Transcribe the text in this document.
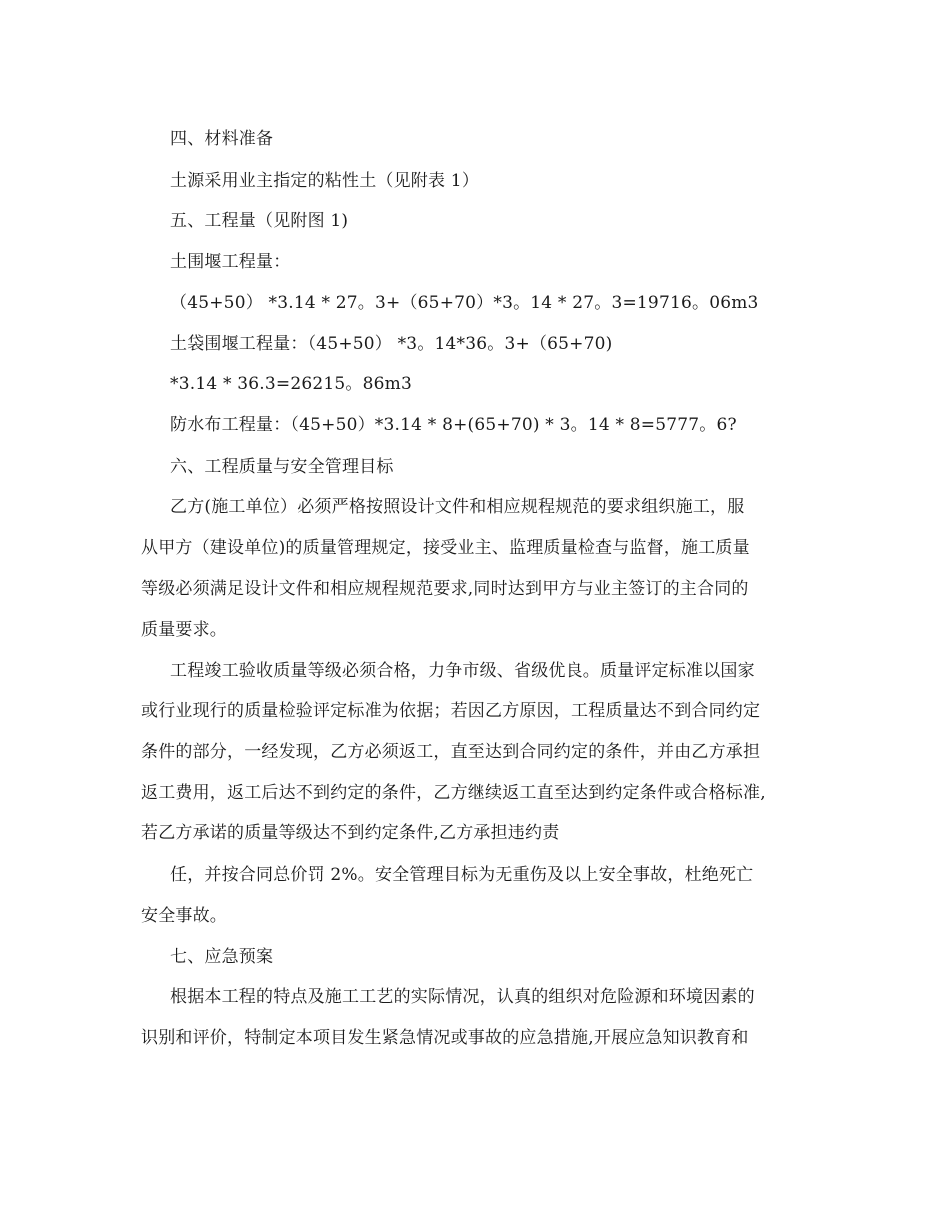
四、材料准备
土源采用业主指定的粘性土（见附表 1）
五、工程量（见附图 1)
土围堰工程量：
（45+50） *3.14 * 27。3+（65+70）*3。14 * 27。3=19716。06m3
土袋围堰工程量：（45+50） *3。14*36。3+（65+70)
*3.14 * 36.3=26215。86m3
防水布工程量：（45+50）*3.14 * 8+(65+70) * 3。14 * 8=5777。6?
六、工程质量与安全管理目标
乙方(施工单位）必须严格按照设计文件和相应规程规范的要求组织施工，服
从甲方（建设单位)的质量管理规定，接受业主、监理质量检查与监督，施工质量
等级必须满足设计文件和相应规程规范要求,同时达到甲方与业主签订的主合同的
质量要求。
工程竣工验收质量等级必须合格，力争市级、省级优良。质量评定标准以国家
或行业现行的质量检验评定标准为依据；若因乙方原因，工程质量达不到合同约定
条件的部分，一经发现，乙方必须返工，直至达到合同约定的条件，并由乙方承担
返工费用，返工后达不到约定的条件，乙方继续返工直至达到约定条件或合格标准,
若乙方承诺的质量等级达不到约定条件,乙方承担违约责
任，并按合同总价罚 2%。安全管理目标为无重伤及以上安全事故，杜绝死亡
安全事故。
七、应急预案
根据本工程的特点及施工工艺的实际情况，认真的组织对危险源和环境因素的
识别和评价，特制定本项目发生紧急情况或事故的应急措施,开展应急知识教育和
